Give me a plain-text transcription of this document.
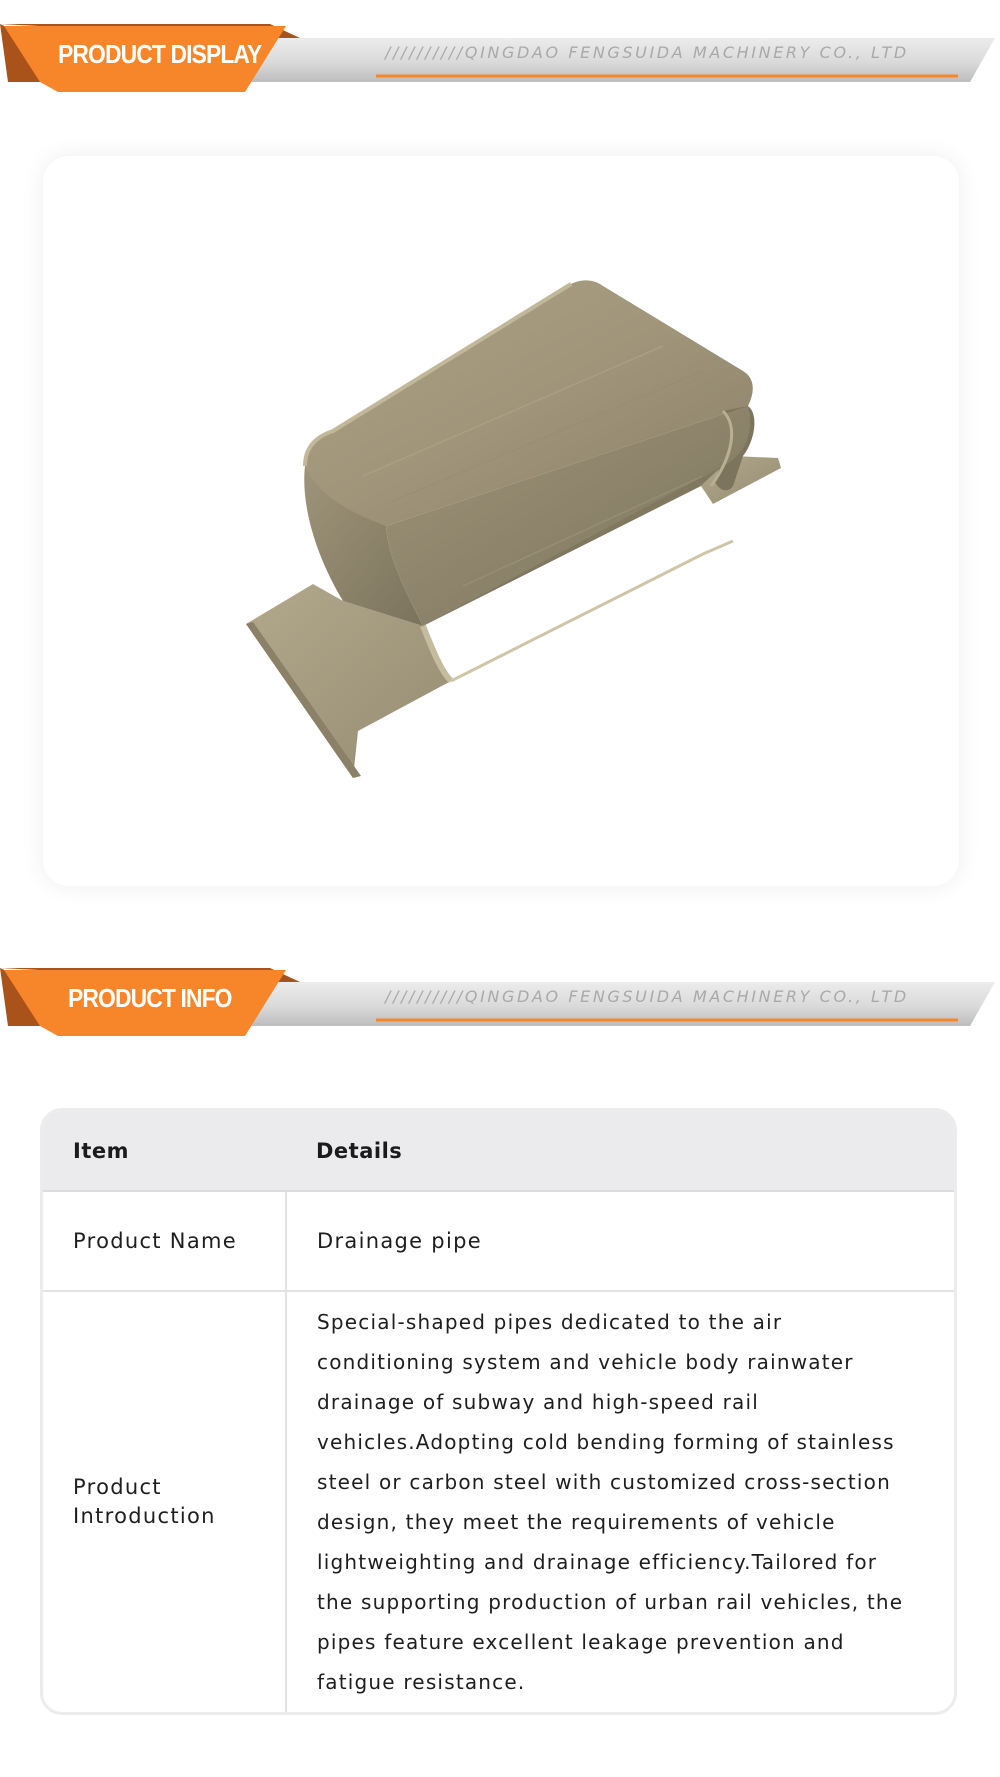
PRODUCT DISPLAY	//////////QINGDAO FENGSUIDA MACHINERY CO., LTD
PRODUCT INFO	//////////QINGDAO FENGSUIDA MACHINERY CO., LTD
Item	Details
Product Name	Drainage pipe
Product Introduction	Special-shaped pipes dedicated to the air conditioning system and vehicle body rainwater drainage of subway and high-speed rail vehicles.Adopting cold bending forming of stainless steel or carbon steel with customized cross-section design, they meet the requirements of vehicle lightweighting and drainage efficiency.Tailored for the supporting production of urban rail vehicles, the pipes feature excellent leakage prevention and fatigue resistance.
